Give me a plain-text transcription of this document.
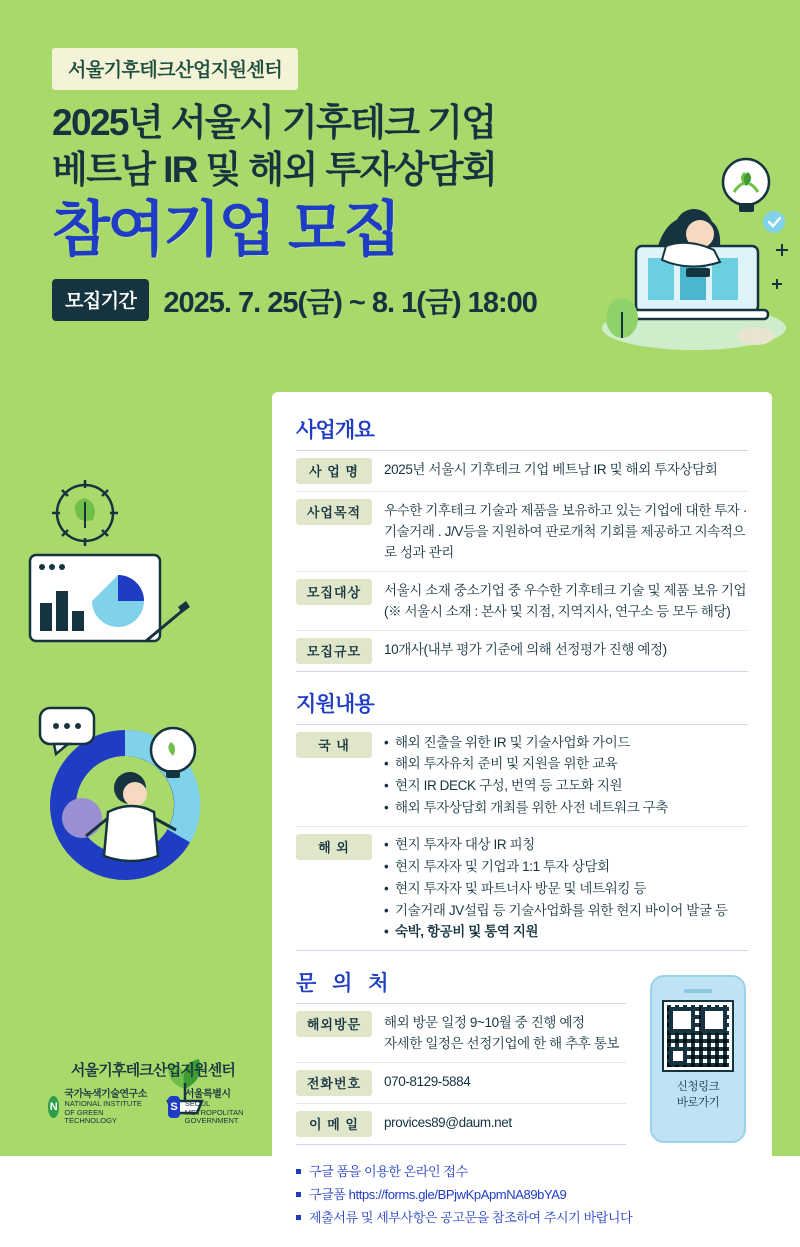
서울기후테크산업지원센터
2025년 서울시 기후테크 기업
베트남 IR 및 해외 투자상담회
참여기업 모집
모집기간 2025. 7. 25(금) ~ 8. 1(금) 18:00
사업개요
사 업 명	2025년 서울시 기후테크 기업 베트남 IR 및 해외 투자상담회
사업목적	우수한 기후테크 기술과 제품을 보유하고 있는 기업에 대한 투자 · 기술거래 . J/V등을 지원하여 판로개척 기회를 제공하고 지속적으로 성과 관리
모집대상	서울시 소재 중소기업 중 우수한 기후테크 기술 및 제품 보유 기업
(※ 서울시 소재 : 본사 및 지점, 지역지사, 연구소 등 모두 해당)
모집규모	10개사(내부 평가 기준에 의해 선정평가 진행 예정)
지원내용
국 내	• 해외 진출을 위한 IR 및 기술사업화 가이드
• 해외 투자유치 준비 및 지원을 위한 교육
• 현지 IR DECK 구성, 번역 등 고도화 지원
• 해외 투자상담회 개최를 위한 사전 네트워크 구축
해 외	• 현지 투자자 대상 IR 피칭
• 현지 투자자 및 기업과 1:1 투자 상담회
• 현지 투자자 및 파트너사 방문 및 네트워킹 등
• 기술거래 JV설립 등 기술사업화를 위한 현지 바이어 발굴 등
• 숙박, 항공비 및 통역 지원
문 의 처
해외방문	해외 방문 일정 9~10월 중 진행 예정
자세한 일정은 선정기업에 한 해 추후 통보
전화번호	070-8129-5884
이 메 일	provices89@daum.net
신청링크
바로가기
구글 폼을 이용한 온라인 접수
구글폼 https://forms.gle/BPjwKpApmNA89bYA9
제출서류 및 세부사항은 공고문을 참조하여 주시기 바랍니다
서울기후테크산업지원센터
N
국가녹색기술연구소
NATIONAL INSTITUTE OF GREEN TECHNOLOGY
S
서울특별시
SEOUL METROPOLITAN GOVERNMENT
